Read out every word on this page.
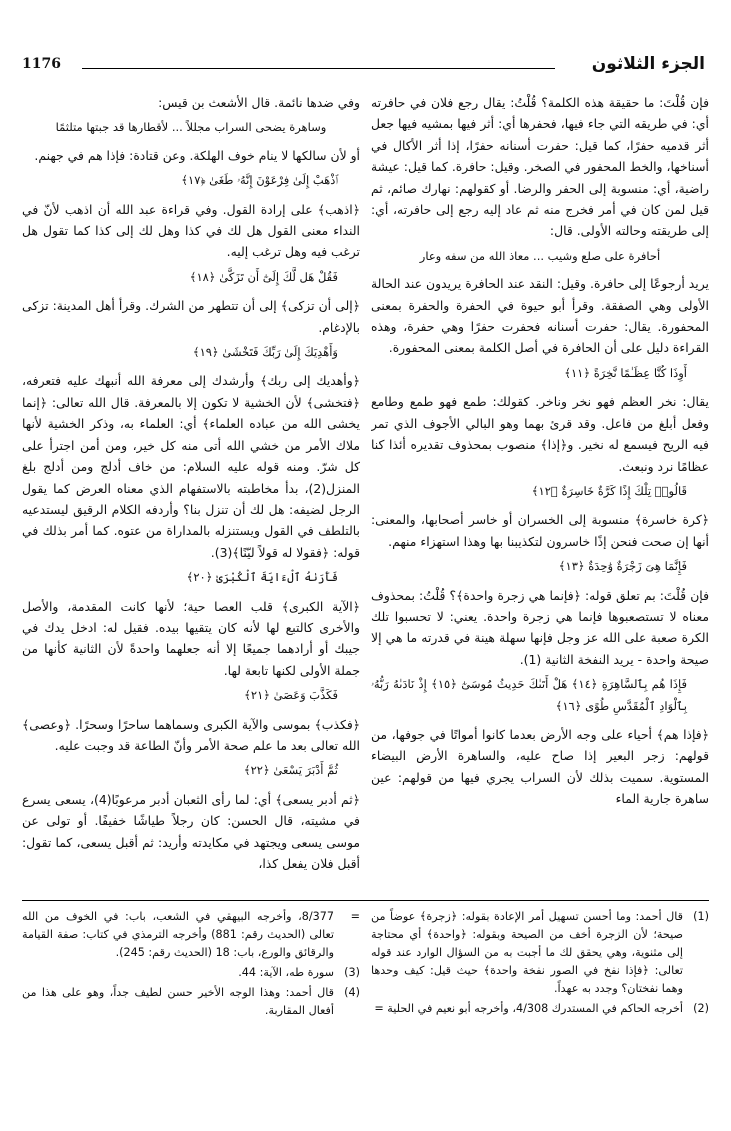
الجزء الثلاثون
1176

فإن قُلْتَ: ما حقيقة هذه الكلمة؟ قُلْتُ: يقال رجع فلان في حافرته أي: في طريقه التي جاء فيها، فحفرها أي: أثر فيها بمشيه فيها جعل أثر قدميه حفرًا، كما قيل: حفرت أسنانه حفرًا، إذا أثر الأكال في أسناخها، والخط المحفور في الصخر. وقيل: حافرة. كما قيل: عيشة راضية، أي: منسوبة إلى الحفر والرضا. أو كقولهم: نهارك صائم، ثم قيل لمن كان في أمر فخرج منه ثم عاد إليه رجع إلى حافرته، أي: إلى طريقته وحالته الأولى. قال:

أحافرة على صلع وشيب ... معاذ الله من سفه وعار

يريد أرجوعًا إلى حافرة. وقيل: النقد عند الحافرة يريدون عند الحالة الأولى وهي الصفقة. وقرأ أبو حيوة في الحفرة والحفرة بمعنى المحفورة. يقال: حفرت أسنانه فحفرت حفرًا وهي حفرة، وهذه القراءة دليل على أن الحافرة في أصل الكلمة بمعنى المحفورة.

أَوِذَا كُنَّا عِظَـٰمًا نَّخِرَةً ﴿١١﴾

يقال: نخر العظم فهو نخر وناخر. كقولك: طمع فهو طمع وطامع وفعل أبلغ من فاعل. وقد قرئ بهما وهو البالي الأجوف الذي تمر فيه الريح فيسمع له نخير. و﴿إذا﴾ منصوب بمحذوف تقديره أئذا كنا عظامًا نرد ونبعث.

قَالُوا۟ تِلْكَ إِذًا كَرَّةٌ خَاسِرَةٌ ﴿١٢﴾

﴿كرة خاسرة﴾ منسوبة إلى الخسران أو خاسر أصحابها، والمعنى: أنها إن صحت فنحن إذًا خاسرون لتكذيبنا بها وهذا استهزاء منهم.

فَإِنَّمَا هِىَ زَجْرَةٌ وَٰحِدَةٌ ﴿١٣﴾

فإن قُلْتَ: بم تعلق قوله: ﴿فإنما هي زجرة واحدة﴾؟ قُلْتُ: بمحذوف معناه لا تستصعبوها فإنما هي زجرة واحدة. يعني: لا تحسبوا تلك الكرة صعبة على الله عز وجل فإنها سهلة هينة في قدرته ما هي إلا صيحة واحدة - يريد النفخة الثانية (1).

فَإِذَا هُم بِٱلسَّاهِرَةِ ﴿١٤﴾ هَلْ أَتَىٰكَ حَدِيثُ مُوسَىٰٓ ﴿١٥﴾ إِذْ نَادَىٰهُ رَبُّهُۥ بِٱلْوَادِ ٱلْمُقَدَّسِ طُوًى ﴿١٦﴾

﴿فإذا هم﴾ أحياء على وجه الأرض بعدما كانوا أمواتًا في جوفها، من قولهم: زجر البعير إذا صاح عليه، والساهرة الأرض البيضاء المستوية. سميت بذلك لأن السراب يجري فيها من قولهم: عين ساهرة جارية الماء

وفي ضدها نائمة. قال الأشعث بن قيس:

وساهرة يضحى السراب مجللاً ... لأقطارها قد جبتها متلثمًا

أو لأن سالكها لا ينام خوف الهلكة. وعن قتادة: فإذا هم في جهنم.

ٱذْهَبْ إِلَىٰ فِرْعَوْنَ إِنَّهُۥ طَغَىٰ ﴿١٧﴾

﴿اذهب﴾ على إرادة القول. وفي قراءة عبد الله أن اذهب لأنّ في النداء معنى القول هل لك في كذا وهل لك إلى كذا كما تقول هل ترغب فيه وهل ترغب إليه.

فَقُلْ هَل لَّكَ إِلَىٰٓ أَن تَزَكَّىٰ ﴿١٨﴾

﴿إلى أن تزكى﴾ إلى أن تتطهر من الشرك. وقرأ أهل المدينة: تزكى بالإدغام.

وَأَهْدِيَكَ إِلَىٰ رَبِّكَ فَتَخْشَىٰ ﴿١٩﴾

﴿وأهديك إلى ربك﴾ وأرشدك إلى معرفة الله أنبهك عليه فتعرفه، ﴿فتخشى﴾ لأن الخشية لا تكون إلا بالمعرفة. قال الله تعالى: ﴿إنما يخشى الله من عباده العلماء﴾ أي: العلماء به، وذكر الخشية لأنها ملاك الأمر من خشي الله أتى منه كل خير، ومن أمن اجترأ على كل شرّ. ومنه قوله عليه السلام: من خاف أدلج ومن أدلج بلغ المنزل(2)، بدأ مخاطبته بالاستفهام الذي معناه العرض كما يقول الرجل لضيفه: هل لك أن تنزل بنا؟ وأردفه الكلام الرقيق ليستدعيه بالتلطف في القول ويستنزله بالمداراة من عتوه. كما أمر بذلك في قوله: ﴿فقولا له قولاً ليّنًا﴾(3).

فَأَرَىٰهُ ٱلْءَايَةَ ٱلْكُبْرَىٰ ﴿٢٠﴾

﴿الآية الكبرى﴾ قلب العصا حية؛ لأنها كانت المقدمة، والأصل والأخرى كالتبع لها لأنه كان يتقيها بيده. فقيل له: ادخل يدك في جيبك أو أرادهما جميعًا إلا أنه جعلهما واحدةً لأن الثانية كأنها من جملة الأولى لكنها تابعة لها.

فَكَذَّبَ وَعَصَىٰ ﴿٢١﴾

﴿فكذب﴾ بموسى والآية الكبرى وسماهما ساحرًا وسحرًا. ﴿وعصى﴾ الله تعالى بعد ما علم صحة الأمر وأنّ الطاعة قد وجبت عليه.

ثُمَّ أَدْبَرَ يَسْعَىٰ ﴿٢٢﴾

﴿ثم أدبر يسعى﴾ أي: لما رأى الثعبان أدبر مرعوبًا(4)، يسعى يسرع في مشيته، قال الحسن: كان رجلاً طياشًا خفيفًا. أو تولى عن موسى يسعى ويجتهد في مكايدته وأريد: ثم أقبل يسعى، كما تقول: أقبل فلان يفعل كذا،

(1)
قال أحمد: وما أحسن تسهيل أمر الإعادة بقوله: ﴿زجرة﴾ عوضاً من صيحة؛ لأن الزجرة أخف من الصيحة وبقوله: ﴿واحدة﴾ أي محتاجة إلى مثنوية، وهي يحقق لك ما أجبت به من السؤال الوارد عند قوله تعالى: ﴿فإذا نفخ في الصور نفخة واحدة﴾ حيث قيل: كيف وحدها وهما نفختان؟ وجدد به عهداً.
(2)
أخرجه الحاكم في المستدرك 4/308، وأخرجه أبو نعيم في الحلية =
=
8/377، وأخرجه البيهقي في الشعب، باب: في الخوف من الله تعالى (الحديث رقم: 881) وأخرجه الترمذي في كتاب: صفة القيامة والرقائق والورع، باب: 18 (الحديث رقم: 245).
(3)
سورة طه، الآية: 44.
(4)
قال أحمد: وهذا الوجه الأخير حسن لطيف جداً، وهو على هذا من أفعال المقاربة.
